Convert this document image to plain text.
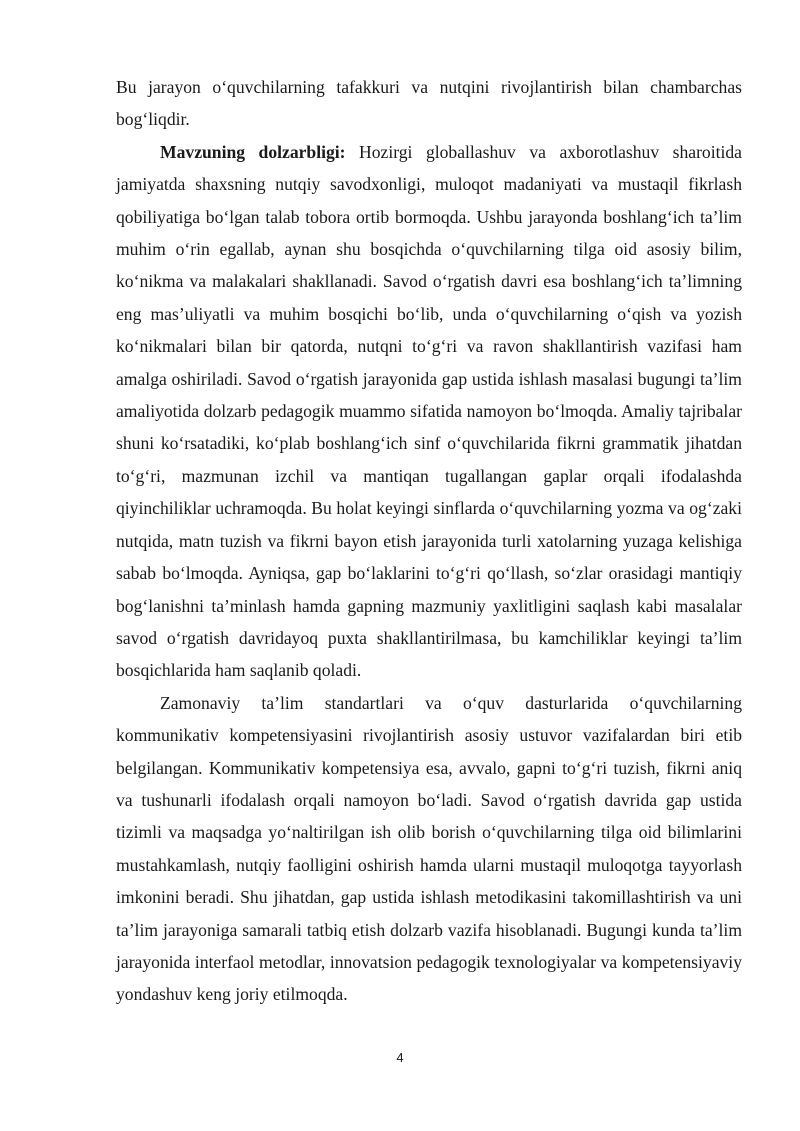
Bu jarayon o‘quvchilarning tafakkuri va nutqini rivojlantirish bilan chambarchas bog‘liqdir.

Mavzuning dolzarbligi: Hozirgi globallashuv va axborotlashuv sharoitida jamiyatda shaxsning nutqiy savodxonligi, muloqot madaniyati va mustaqil fikrlash qobiliyatiga bo‘lgan talab tobora ortib bormoqda. Ushbu jarayonda boshlang‘ich ta’lim muhim o‘rin egallab, aynan shu bosqichda o‘quvchilarning tilga oid asosiy bilim, ko‘nikma va malakalari shakllanadi. Savod o‘rgatish davri esa boshlang‘ich ta’limning eng mas’uliyatli va muhim bosqichi bo‘lib, unda o‘quvchilarning o‘qish va yozish ko‘nikmalari bilan bir qatorda, nutqni to‘g‘ri va ravon shakllantirish vazifasi ham amalga oshiriladi. Savod o‘rgatish jarayonida gap ustida ishlash masalasi bugungi ta’lim amaliyotida dolzarb pedagogik muammo sifatida namoyon bo‘lmoqda. Amaliy tajribalar shuni ko‘rsatadiki, ko‘plab boshlang‘ich sinf o‘quvchilarida fikrni grammatik jihatdan to‘g‘ri, mazmunan izchil va mantiqan tugallangan gaplar orqali ifodalashda qiyinchiliklar uchramoqda. Bu holat keyingi sinflarda o‘quvchilarning yozma va og‘zaki nutqida, matn tuzish va fikrni bayon etish jarayonida turli xatolarning yuzaga kelishiga sabab bo‘lmoqda. Ayniqsa, gap bo‘laklarini to‘g‘ri qo‘llash, so‘zlar orasidagi mantiqiy bog‘lanishni ta’minlash hamda gapning mazmuniy yaxlitligini saqlash kabi masalalar savod o‘rgatish davridayoq puxta shakllantirilmasa, bu kamchiliklar keyingi ta’lim bosqichlarida ham saqlanib qoladi.

Zamonaviy ta’lim standartlari va o‘quv dasturlarida o‘quvchilarning kommunikativ kompetensiyasini rivojlantirish asosiy ustuvor vazifalardan biri etib belgilangan. Kommunikativ kompetensiya esa, avvalo, gapni to‘g‘ri tuzish, fikrni aniq va tushunarli ifodalash orqali namoyon bo‘ladi. Savod o‘rgatish davrida gap ustida tizimli va maqsadga yo‘naltirilgan ish olib borish o‘quvchilarning tilga oid bilimlarini mustahkamlash, nutqiy faolligini oshirish hamda ularni mustaqil muloqotga tayyorlash imkonini beradi. Shu jihatdan, gap ustida ishlash metodikasini takomillashtirish va uni ta’lim jarayoniga samarali tatbiq etish dolzarb vazifa hisoblanadi. Bugungi kunda ta’lim jarayonida interfaol metodlar, innovatsion pedagogik texnologiyalar va kompetensiyaviy yondashuv keng joriy etilmoqda.

4
